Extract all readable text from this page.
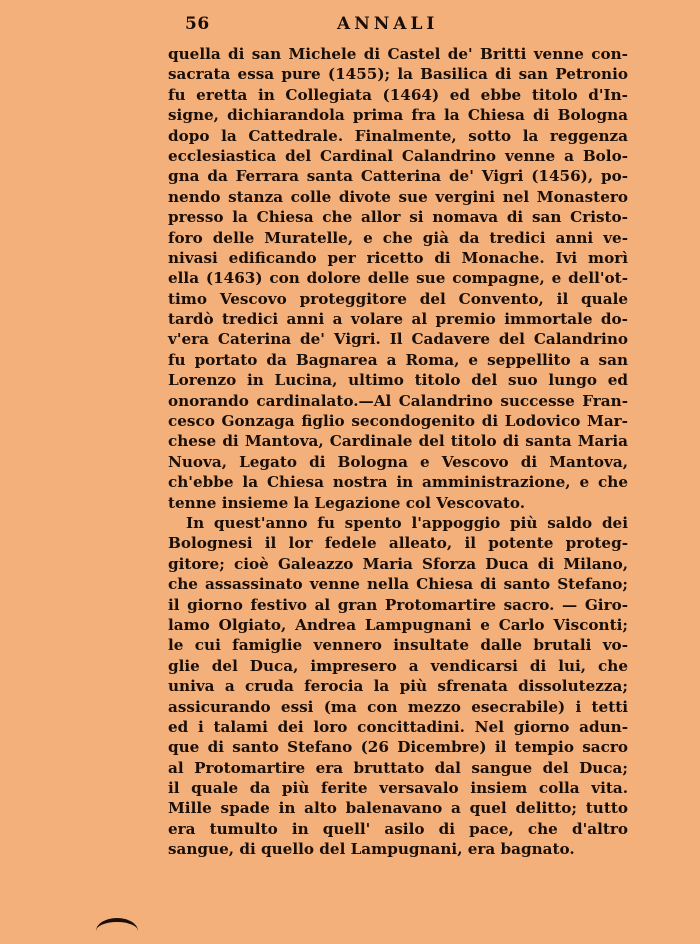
56	ANNALI
quella di san Michele di Castel de' Britti venne con-
sacrata essa pure (1455); la Basilica di san Petronio
fu eretta in Collegiata (1464) ed ebbe titolo d'In-
signe, dichiarandola prima fra la Chiesa di Bologna
dopo la Cattedrale. Finalmente, sotto la reggenza
ecclesiastica del Cardinal Calandrino venne a Bolo-
gna da Ferrara santa Catterina de' Vigri (1456), po-
nendo stanza colle divote sue vergini nel Monastero
presso la Chiesa che allor si nomava di san Cristo-
foro delle Muratelle, e che già da tredici anni ve-
nivasi edificando per ricetto di Monache. Ivi morì
ella (1463) con dolore delle sue compagne, e dell'ot-
timo Vescovo proteggitore del Convento, il quale
tardò tredici anni a volare al premio immortale do-
v'era Caterina de' Vigri. Il Cadavere del Calandrino
fu portato da Bagnarea a Roma, e seppellito a san
Lorenzo in Lucina, ultimo titolo del suo lungo ed
onorando cardinalato.—Al Calandrino successe Fran-
cesco Gonzaga figlio secondogenito di Lodovico Mar-
chese di Mantova, Cardinale del titolo di santa Maria
Nuova, Legato di Bologna e Vescovo di Mantova,
ch'ebbe la Chiesa nostra in amministrazione, e che
tenne insieme la Legazione col Vescovato.
In quest'anno fu spento l'appoggio più saldo dei
Bolognesi il lor fedele alleato, il potente proteg-
gitore; cioè Galeazzo Maria Sforza Duca di Milano,
che assassinato venne nella Chiesa di santo Stefano;
il giorno festivo al gran Protomartire sacro. — Giro-
lamo Olgiato, Andrea Lampugnani e Carlo Visconti;
le cui famiglie vennero insultate dalle brutali vo-
glie del Duca, impresero a vendicarsi di lui, che
univa a cruda ferocia la più sfrenata dissolutezza;
assicurando essi (ma con mezzo esecrabile) i tetti
ed i talami dei loro concittadini. Nel giorno adun-
que di santo Stefano (26 Dicembre) il tempio sacro
al Protomartire era bruttato dal sangue del Duca;
il quale da più ferite versavalo insiem colla vita.
Mille spade in alto balenavano a quel delitto; tutto
era tumulto in quell' asilo di pace, che d'altro
sangue, di quello del Lampugnani, era bagnato.
